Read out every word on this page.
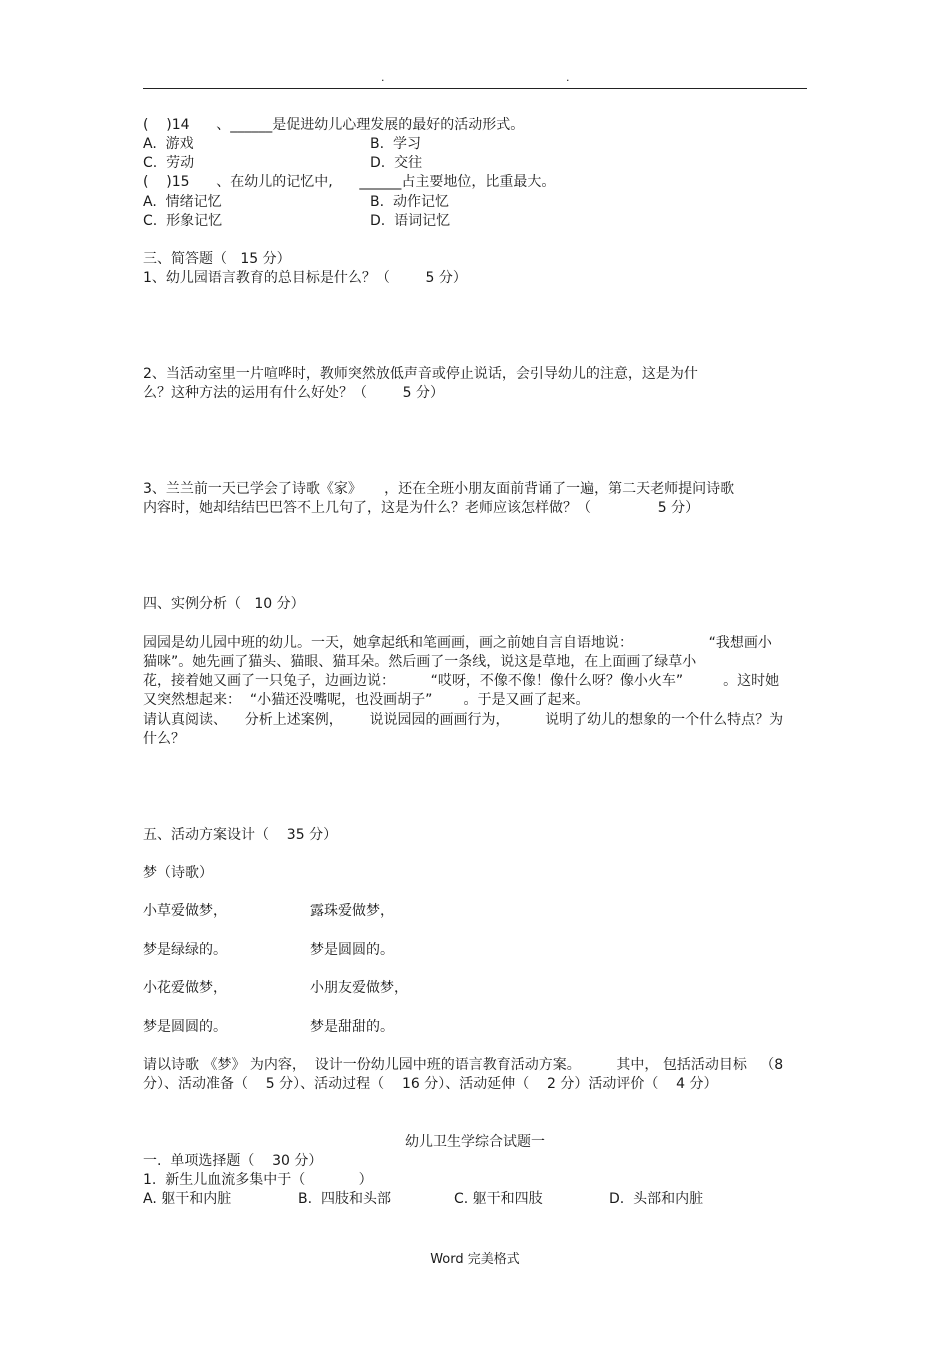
.	.
(    )14      、______是促进幼儿心理发展的最好的活动形式。
A.  游戏	B.  学习
C.  劳动	D.  交往
(    )15      、在幼儿的记忆中,      ______占主要地位，比重最大。
A.  情绪记忆	B.  动作记忆
C.  形象记忆	D.  语词记忆
三、简答题（   15 分）
1、幼儿园语言教育的总目标是什么？（        5 分）
2、当活动室里一片喧哗时，教师突然放低声音或停止说话，会引导幼儿的注意，这是为什
么？这种方法的运用有什么好处？（        5 分）
3、兰兰前一天已学会了诗歌《家》     ，还在全班小朋友面前背诵了一遍，第二天老师提问诗歌
内容时，她却结结巴巴答不上几句了，这是为什么？老师应该怎样做？（               5 分）
四、实例分析（   10 分）
园园是幼儿园中班的幼儿。一天，她拿起纸和笔画画，画之前她自言自语地说：                 “我想画小
猫咪”。她先画了猫头、猫眼、猫耳朵。然后画了一条线，说这是草地，在上面画了绿草小
花，接着她又画了一只兔子，边画边说：        “哎呀，不像不像！像什么呀？像小火车”         。这时她
又突然想起来：  “小猫还没嘴呢，也没画胡子”       。于是又画了起来。
请认真阅读、    分析上述案例，      说说园园的画画行为，        说明了幼儿的想象的一个什么特点？为
什么？
五、活动方案设计（    35 分）
梦（诗歌）
小草爱做梦，	露珠爱做梦，
梦是绿绿的。	梦是圆圆的。
小花爱做梦，	小朋友爱做梦，
梦是圆圆的。	梦是甜甜的。
请以诗歌 《梦》 为内容，  设计一份幼儿园中班的语言教育活动方案。        其中， 包括活动目标   （8
分）、活动准备（    5 分）、活动过程（    16 分）、活动延伸（    2 分）活动评价（    4 分）
幼儿卫生学综合试题一
一.  单项选择题（    30 分）
1.  新生儿血流多集中于（            ）
A. 躯干和内脏	B.  四肢和头部	C. 躯干和四肢	D.  头部和内脏
Word 完美格式
